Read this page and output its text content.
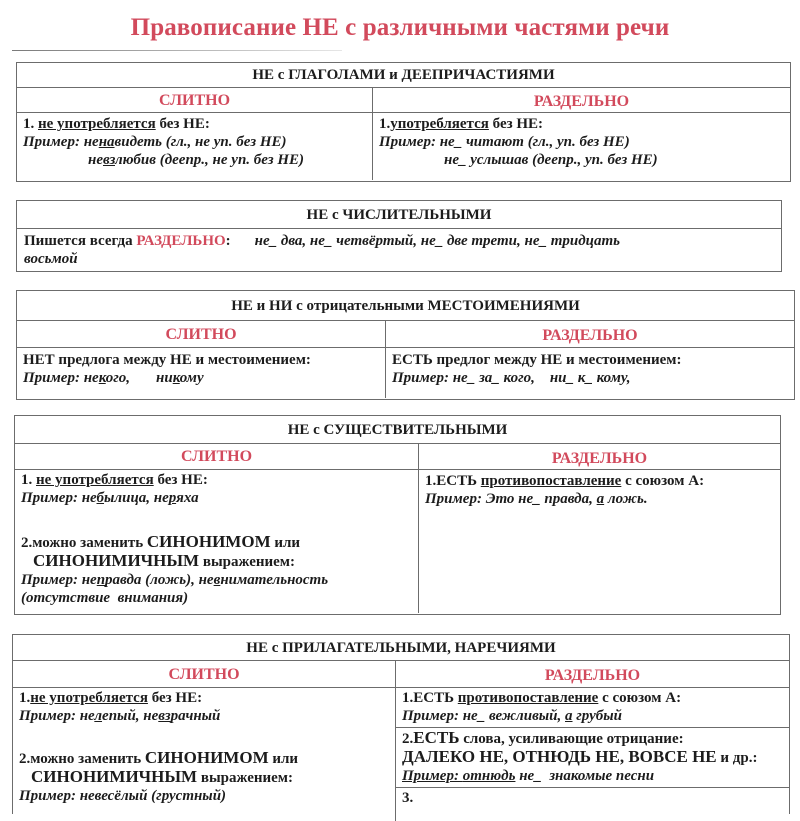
Правописание НЕ с различными частями речи
НЕ с ГЛАГОЛАМИ и ДЕЕПРИЧАСТИЯМИ
СЛИТНО
1. не употребляется без НЕ:
Пример: ненавидеть (гл., не уп. без НЕ)
невзлюбив (деепр., не уп. без НЕ)
РАЗДЕЛЬНО
1.употребляется без НЕ:
Пример: не_ читают (гл., уп. без НЕ)
не_ услышав (деепр., уп. без НЕ)
НЕ с ЧИСЛИТЕЛЬНЫМИ
Пишется всегда РАЗДЕЛЬНО: не_ два, не_ четвёртый, не_ две трети, не_ тридцать
восьмой
НЕ и НИ с отрицательными МЕСТОИМЕНИЯМИ
СЛИТНО
НЕТ предлога между НЕ и местоимением:
Пример: некого, никому
РАЗДЕЛЬНО
ЕСТЬ предлог между НЕ и местоимением:
Пример: не_ за_ кого,    ни_ к_ кому,
НЕ с СУЩЕСТВИТЕЛЬНЫМИ
СЛИТНО
1. не употребляется без НЕ:
Пример: небылица, неряха
2.можно заменить СИНОНИМОМ или
СИНОНИМИЧНЫМ выражением:
Пример: неправда (ложь), невнимательность
(отсутствие  внимания)
РАЗДЕЛЬНО
1.ЕСТЬ противопоставление с союзом А:
Пример: Это не_ правда, а ложь.
НЕ с ПРИЛАГАТЕЛЬНЫМИ, НАРЕЧИЯМИ
СЛИТНО
1.не употребляется без НЕ:
Пример: нелепый, невзрачный
2.можно заменить СИНОНИМОМ или
СИНОНИМИЧНЫМ выражением:
Пример: невесёлый (грустный)
РАЗДЕЛЬНО
1.ЕСТЬ противопоставление с союзом А:
Пример: не_ вежливый, а грубый
2.ЕСТЬ слова, усиливающие отрицание:
ДАЛЕКО НЕ, ОТНЮДЬ НЕ, ВОВСЕ НЕ и др.:
Пример: отнюдь не_  знакомые песни
3.
